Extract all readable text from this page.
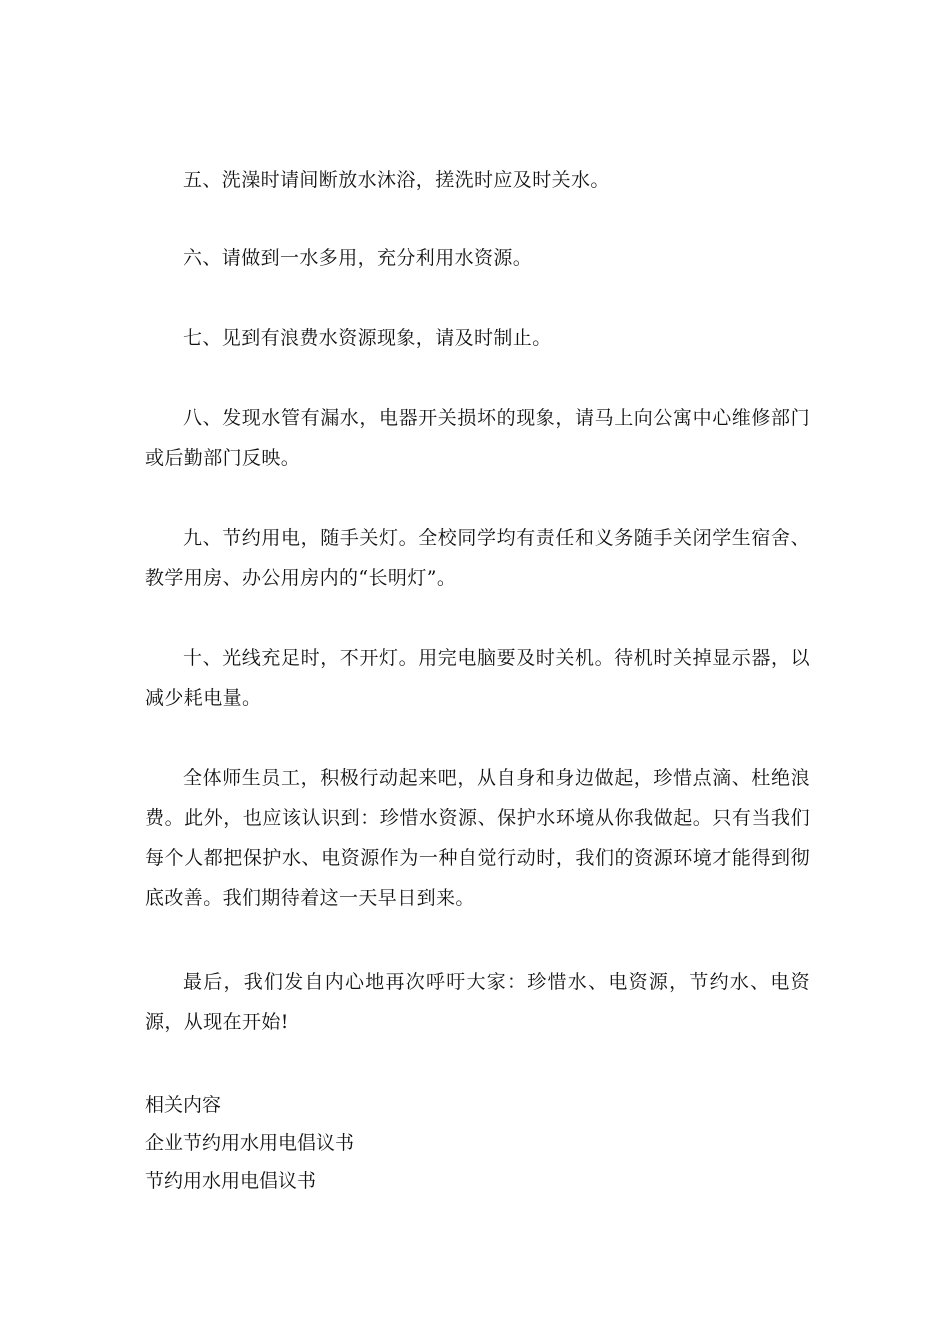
五、洗澡时请间断放水沐浴，搓洗时应及时关水。

六、请做到一水多用，充分利用水资源。

七、见到有浪费水资源现象，请及时制止。

八、发现水管有漏水，电器开关损坏的现象，请马上向公寓中心维修部门或后勤部门反映。

九、节约用电，随手关灯。全校同学均有责任和义务随手关闭学生宿舍、教学用房、办公用房内的“长明灯”。

十、光线充足时，不开灯。用完电脑要及时关机。待机时关掉显示器，以减少耗电量。

全体师生员工，积极行动起来吧，从自身和身边做起，珍惜点滴、杜绝浪费。此外，也应该认识到：珍惜水资源、保护水环境从你我做起。只有当我们每个人都把保护水、电资源作为一种自觉行动时，我们的资源环境才能得到彻底改善。我们期待着这一天早日到来。

最后，我们发自内心地再次呼吁大家：珍惜水、电资源，节约水、电资源，从现在开始!

相关内容
企业节约用水用电倡议书
节约用水用电倡议书
